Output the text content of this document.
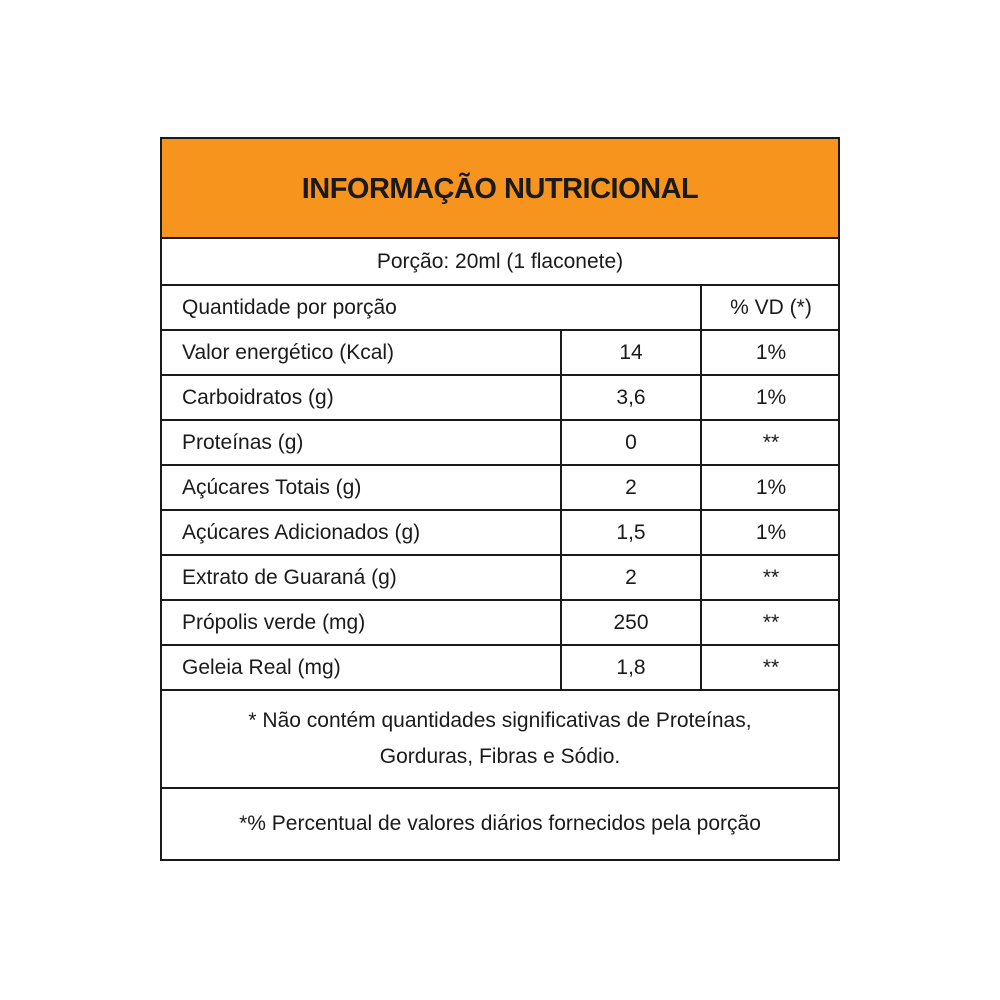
INFORMAÇÃO NUTRICIONAL
Porção: 20ml (1 flaconete)
Quantidade por porção	% VD (*)
Valor energético (Kcal)	14	1%
Carboidratos (g)	3,6	1%
Proteínas (g)	0	**
Açúcares Totais (g)	2	1%
Açúcares Adicionados (g)	1,5	1%
Extrato de Guaraná (g)	2	**
Própolis verde (mg)	250	**
Geleia Real (mg)	1,8	**
* Não contém quantidades significativas de Proteínas,
Gorduras, Fibras e Sódio.
*% Percentual de valores diários fornecidos pela porção
